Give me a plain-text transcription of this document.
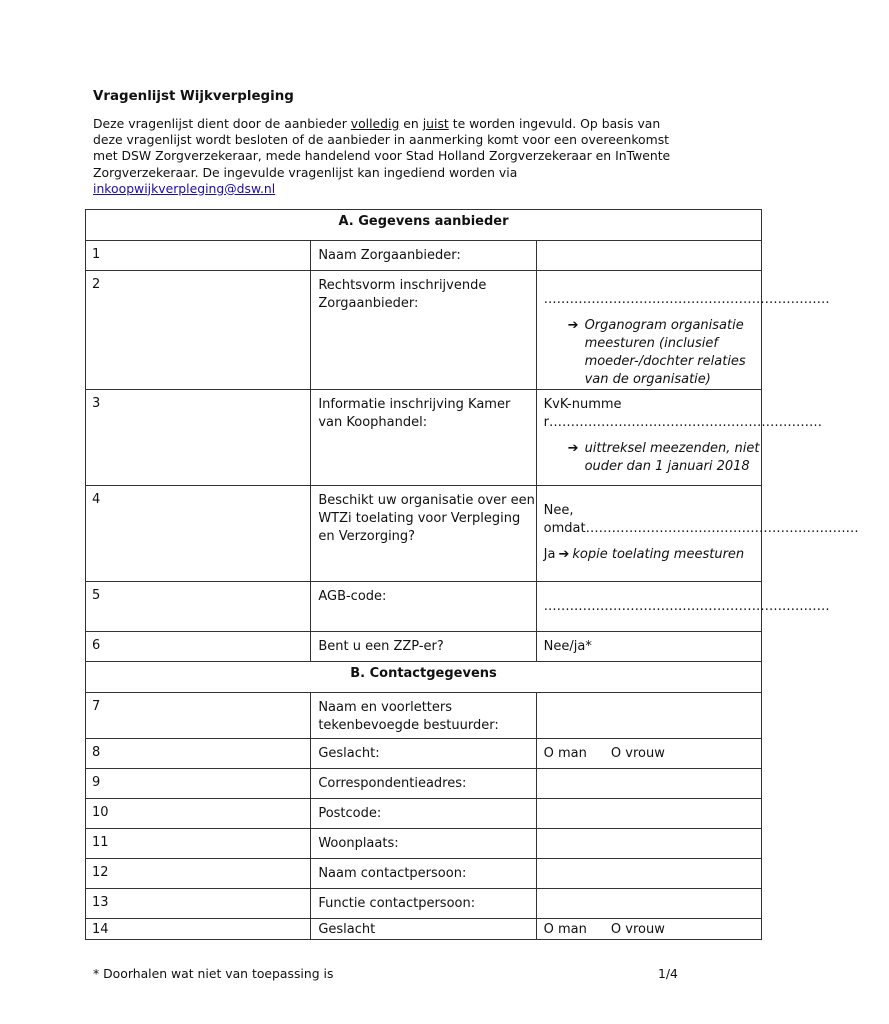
Vragenlijst Wijkverpleging
Deze vragenlijst dient door de aanbieder volledig en juist te worden ingevuld. Op basis van deze vragenlijst wordt besloten of de aanbieder in aanmerking komt voor een overeenkomst met DSW Zorgverzekeraar, mede handelend voor Stad Holland Zorgverzekeraar en InTwente Zorgverzekeraar. De ingevulde vragenlijst kan ingediend worden via inkoopwijkverpleging@dsw.nl
A. Gegevens aanbieder		
1	Naam Zorgaanbieder:	
2	Rechtsvorm inschrijvende Zorgaanbieder:	…………………………………………………………
➔ Organogram organisatie meesturen (inclusief moeder-/dochter relaties van de organisatie)

3	Informatie inschrijving Kamer van Koophandel:	KvK-nummer………………………………………………………
➔ uittreksel meezenden, niet ouder dan 1 januari 2018

4	Beschikt uw organisatie over een WTZi toelating voor Verpleging en Verzorging?	Nee, omdat………………………………………………………
Ja ➔ kopie toelating meesturen

5	AGB-code:	…………………………………………………………

6	Bent u een ZZP-er?	Nee/ja*
B. Contactgegevens		
7	Naam en voorletters tekenbevoegde bestuurder:	
8	Geslacht:	O man O vrouw
9	Correspondentieadres:	
10	Postcode:	
11	Woonplaats:	
12	Naam contactpersoon:	
13	Functie contactpersoon:	
14	Geslacht	O man O vrouw
* Doorhalen wat niet van toepassing is	1/4
